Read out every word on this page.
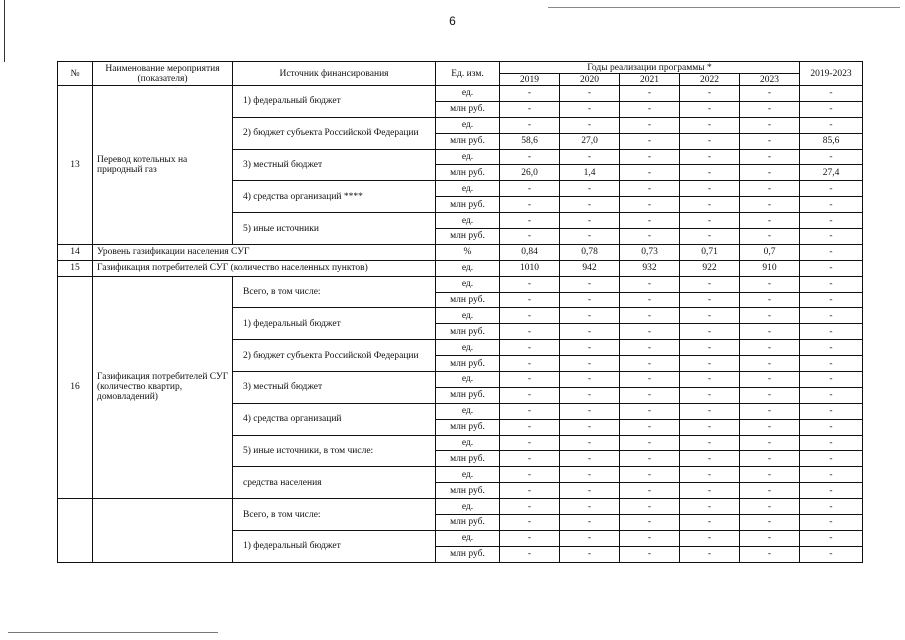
6
№	Наименование мероприятия (показателя)	Источник финансирования	Ед. изм.	Годы реализации программы *					2019-2023
				2019	2020	2021	2022	2023	
13	Перевод котельных на природный газ	1) федеральный бюджет	ед.	-	-	-	-	-	-
			млн руб.	-	-	-	-	-	-
		2) бюджет субъекта Российской Федерации	ед.	-	-	-	-	-	-
			млн руб.	58,6	27,0	-	-	-	85,6
		3) местный бюджет	ед.	-	-	-	-	-	-
			млн руб.	26,0	1,4	-	-	-	27,4
		4) средства организаций ****	ед.	-	-	-	-	-	-
			млн руб.	-	-	-	-	-	-
		5) иные источники	ед.	-	-	-	-	-	-
			млн руб.	-	-	-	-	-	-
14	Уровень газификации населения СУГ		%	0,84	0,78	0,73	0,71	0,7	-
15	Газификация потребителей СУГ (количество населенных пунктов)		ед.	1010	942	932	922	910	-
16	Газификация потребителей СУГ (количество квартир, домовладений)	Всего, в том числе:	ед.	-	-	-	-	-	-
			млн руб.	-	-	-	-	-	-
		1) федеральный бюджет	ед.	-	-	-	-	-	-
			млн руб.	-	-	-	-	-	-
		2) бюджет субъекта Российской Федерации	ед.	-	-	-	-	-	-
			млн руб.	-	-	-	-	-	-
		3) местный бюджет	ед.	-	-	-	-	-	-
			млн руб.	-	-	-	-	-	-
		4) средства организаций	ед.	-	-	-	-	-	-
			млн руб.	-	-	-	-	-	-
		5) иные источники, в том числе:	ед.	-	-	-	-	-	-
			млн руб.	-	-	-	-	-	-
		средства населения	ед.	-	-	-	-	-	-
			млн руб.	-	-	-	-	-	-
		Всего, в том числе:	ед.	-	-	-	-	-	-
			млн руб.	-	-	-	-	-	-
		1) федеральный бюджет	ед.	-	-	-	-	-	-
			млн руб.	-	-	-	-	-	-
